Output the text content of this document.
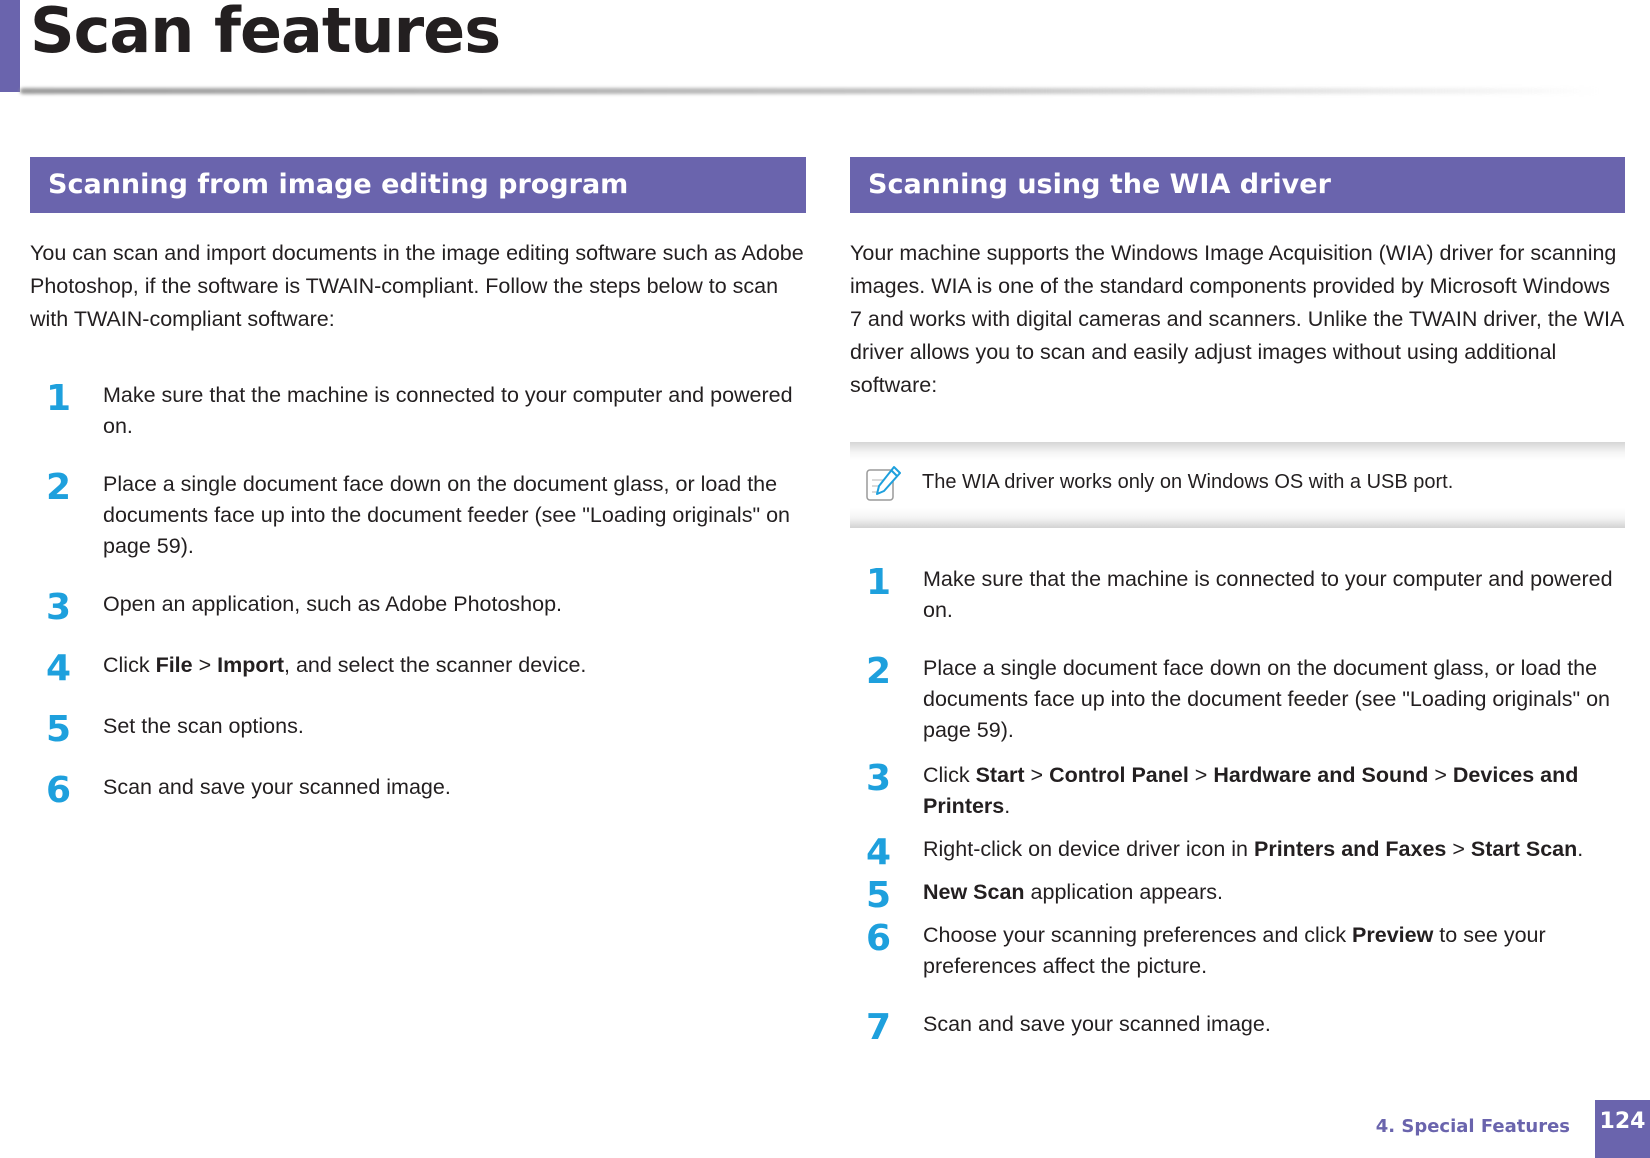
Scan features
Scanning from image editing program

You can scan and import documents in the image editing software such as Adobe Photoshop, if the software is TWAIN-compliant. Follow the steps below to scan with TWAIN-compliant software:

1	Make sure that the machine is connected to your computer and powered on.
2	Place a single document face down on the document glass, or load the documents face up into the document feeder (see "Loading originals" on page 59).
3	Open an application, such as Adobe Photoshop.
4	Click File > Import, and select the scanner device.
5	Set the scan options.
6	Scan and save your scanned image.
Scanning using the WIA driver

Your machine supports the Windows Image Acquisition (WIA) driver for scanning images. WIA is one of the standard components provided by Microsoft Windows 7 and works with digital cameras and scanners. Unlike the TWAIN driver, the WIA driver allows you to scan and easily adjust images without using additional software:

The WIA driver works only on Windows OS with a USB port.
1	Make sure that the machine is connected to your computer and powered on.
2	Place a single document face down on the document glass, or load the documents face up into the document feeder (see "Loading originals" on page 59).
3	Click Start > Control Panel > Hardware and Sound > Devices and Printers.
4	Right-click on device driver icon in Printers and Faxes > Start Scan.
5	New Scan application appears.
6	Choose your scanning preferences and click Preview to see your preferences affect the picture.
7	Scan and save your scanned image.
4. Special Features 124
